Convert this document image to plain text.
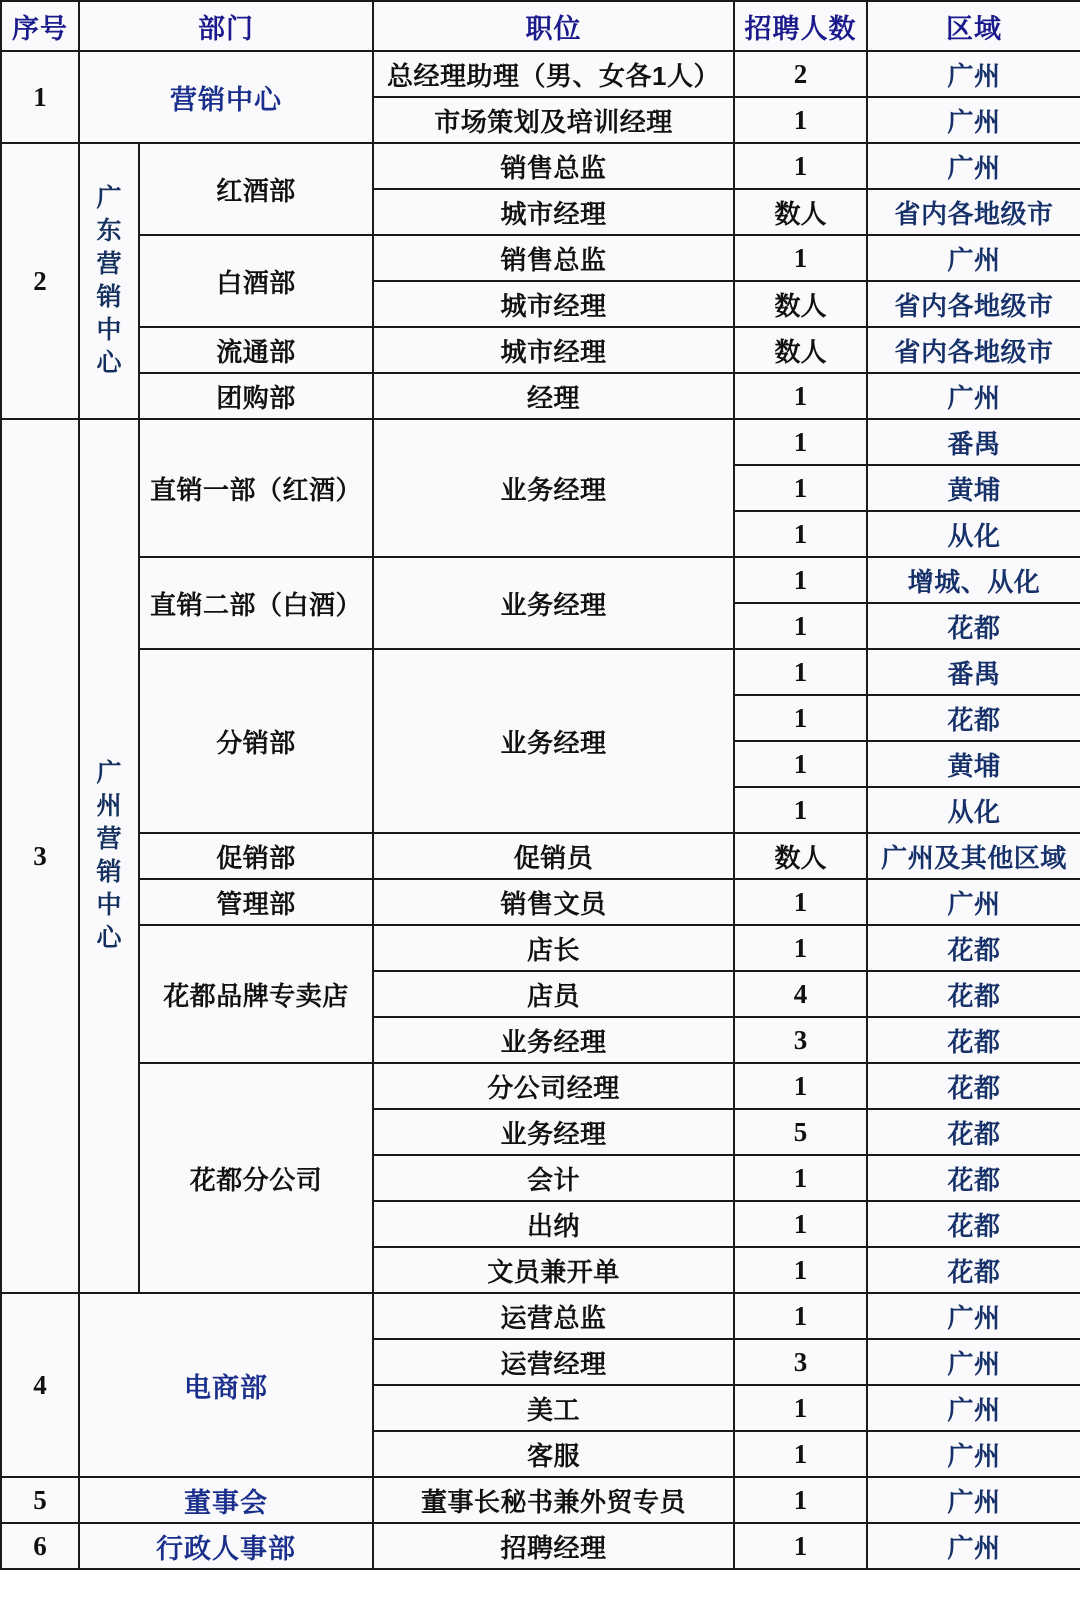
序号	部门		职位	招聘人数	区域
1	营销中心		总经理助理（男、女各1人）	2	广州
			市场策划及培训经理	1	广州
2	广东营销中心	红酒部	销售总监	1	广州
			城市经理	数人	省内各地级市
		白酒部	销售总监	1	广州
			城市经理	数人	省内各地级市
		流通部	城市经理	数人	省内各地级市
		团购部	经理	1	广州
3	广州营销中心	直销一部（红酒）	业务经理	1	番禺
				1	黄埔
				1	从化
		直销二部（白酒）	业务经理	1	增城、从化
				1	花都
		分销部	业务经理	1	番禺
				1	花都
				1	黄埔
				1	从化
		促销部	促销员	数人	广州及其他区域
		管理部	销售文员	1	广州
		花都品牌专卖店	店长	1	花都
			店员	4	花都
			业务经理	3	花都
		花都分公司	分公司经理	1	花都
			业务经理	5	花都
			会计	1	花都
			出纳	1	花都
			文员兼开单	1	花都
4	电商部		运营总监	1	广州
			运营经理	3	广州
			美工	1	广州
			客服	1	广州
5	董事会		董事长秘书兼外贸专员	1	广州
6	行政人事部		招聘经理	1	广州
